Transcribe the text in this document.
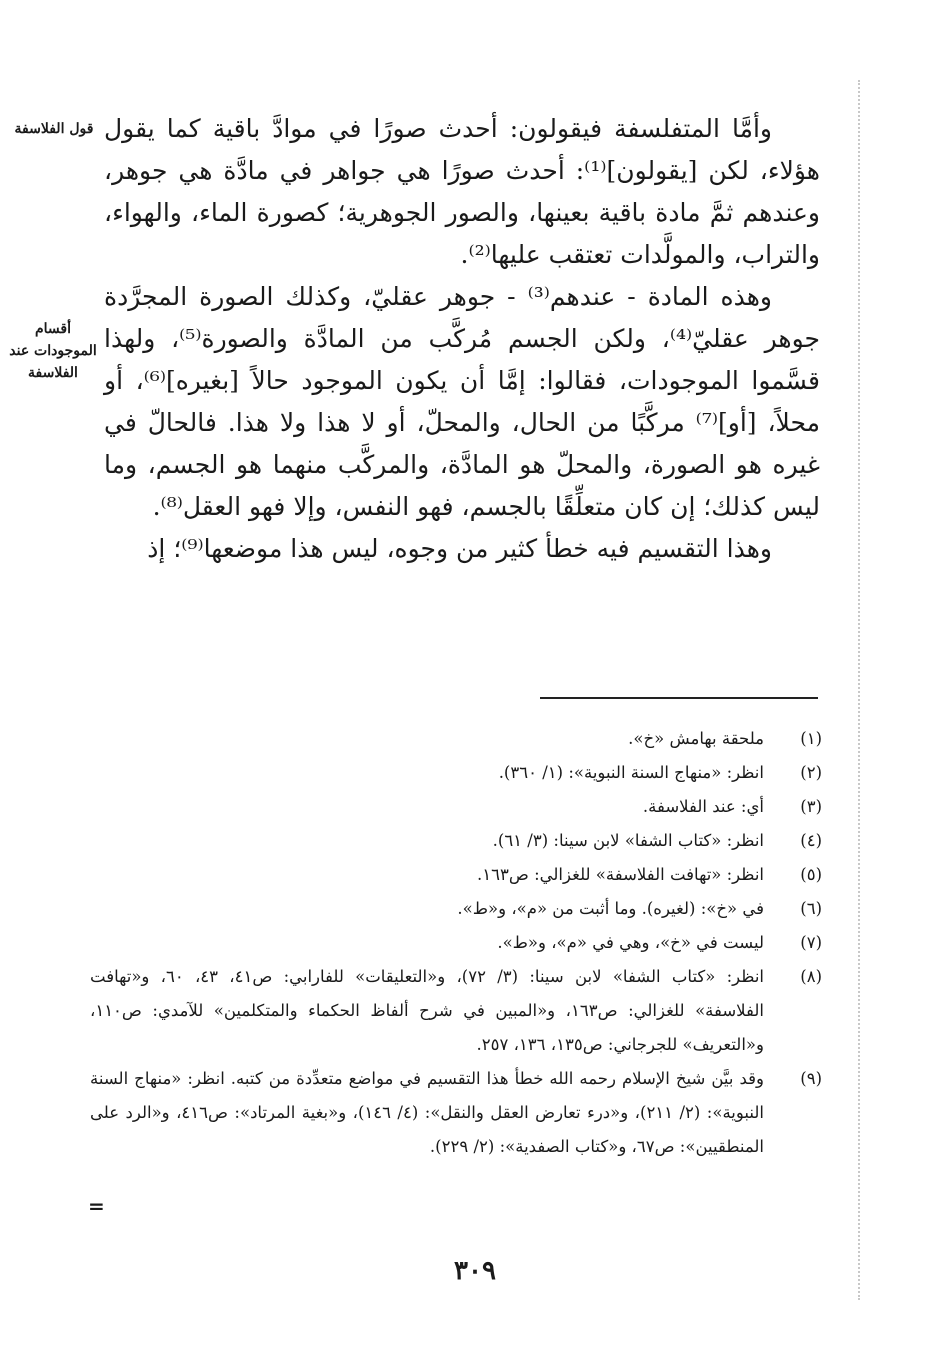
قول الفلاسفة
أقسام الموجودات عند الفلاسفة

وأمَّا المتفلسفة فيقولون: أحدث صورًا في موادَّ باقية كما يقول هؤلاء، لكن [يقولون]⁽¹⁾: أحدث صورًا هي جواهر في مادَّة هي جوهر، وعندهم ثمَّ مادة باقية بعينها، والصور الجوهرية؛ كصورة الماء، والهواء، والتراب، والمولَّدات تعتقب عليها⁽²⁾.

وهذه المادة - عندهم⁽³⁾ - جوهر عقليّ، وكذلك الصورة المجرَّدة جوهر عقليّ⁽⁴⁾، ولكن الجسم مُركَّب من المادَّة والصورة⁽⁵⁾، ولهذا قسَّموا الموجودات، فقالوا: إمَّا أن يكون الموجود حالاً [بغيره]⁽⁶⁾، أو محلاً، [أو]⁽⁷⁾ مركَّبًا من الحال، والمحلّ، أو لا هذا ولا هذا. فالحالّ في غيره هو الصورة، والمحلّ هو المادَّة، والمركَّب منهما هو الجسم، وما ليس كذلك؛ إن كان متعلِّقًا بالجسم، فهو النفس، وإلا فهو العقل⁽⁸⁾.

وهذا التقسيم فيه خطأ كثير من وجوه، ليس هذا موضعها⁽⁹⁾؛ إذ

(١)
ملحقة بهامش «خ».
(٢)
انظر: «منهاج السنة النبوية»: (١/ ٣٦٠).
(٣)
أي: عند الفلاسفة.
(٤)
انظر: «كتاب الشفا» لابن سينا: (٣/ ٦١).
(٥)
انظر: «تهافت الفلاسفة» للغزالي: ص١٦٣.
(٦)
في «خ»: (لغيره). وما أثبت من «م»، و«ط».
(٧)
ليست في «خ»، وهي في «م»، و«ط».
(٨)
انظر: «كتاب الشفا» لابن سينا: (٣/ ٧٢)، و«التعليقات» للفارابي: ص٤١، ٤٣، ٦٠، و«تهافت الفلاسفة» للغزالي: ص١٦٣، و«المبين في شرح ألفاظ الحكماء والمتكلمين» للآمدي: ص١١٠، و«التعريف» للجرجاني: ص١٣٥، ١٣٦، ٢٥٧.
(٩)
وقد بيَّن شيخ الإسلام رحمه الله خطأ هذا التقسيم في مواضع متعدِّدة من كتبه. انظر: «منهاج السنة النبوية»: (٢/ ٢١١)، و«درء تعارض العقل والنقل»: (٤/ ١٤٦)، و«بغية المرتاد»: ص٤١٦، و«الرد على المنطقيين»: ص٦٧، و«كتاب الصفدية»: (٢/ ٢٢٩).
=
٣٠٩
